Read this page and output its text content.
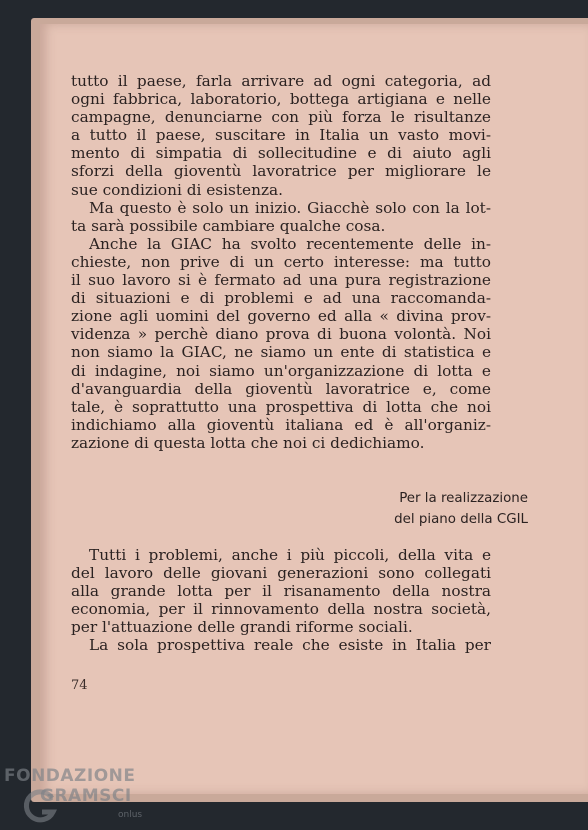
tutto il paese, farla arrivare ad ogni categoria, ad
ogni fabbrica, laboratorio, bottega artigiana e nelle
campagne, denunciarne con più forza le risultanze
a tutto il paese, suscitare in Italia un vasto movi-
mento di simpatia di sollecitudine e di aiuto agli
sforzi della gioventù lavoratrice per migliorare le
sue condizioni di esistenza.
Ma questo è solo un inizio. Giacchè solo con la lot-
ta sarà possibile cambiare qualche cosa.
Anche la GIAC ha svolto recentemente delle in-
chieste, non prive di un certo interesse: ma tutto
il suo lavoro si è fermato ad una pura registrazione
di situazioni e di problemi e ad una raccomanda-
zione agli uomini del governo ed alla « divina prov-
videnza » perchè diano prova di buona volontà. Noi
non siamo la GIAC, ne siamo un ente di statistica e
di indagine, noi siamo un'organizzazione di lotta e
d'avanguardia della gioventù lavoratrice e, come
tale, è soprattutto una prospettiva di lotta che noi
indichiamo alla gioventù italiana ed è all'organiz-
zazione di questa lotta che noi ci dedichiamo.
Per la realizzazione
del piano della CGIL
Tutti i problemi, anche i più piccoli, della vita e
del lavoro delle giovani generazioni sono collegati
alla grande lotta per il risanamento della nostra
economia, per il rinnovamento della nostra società,
per l'attuazione delle grandi riforme sociali.
La sola prospettiva reale che esiste in Italia per
74
FONDAZIONE
GRAMSCI
onlus
